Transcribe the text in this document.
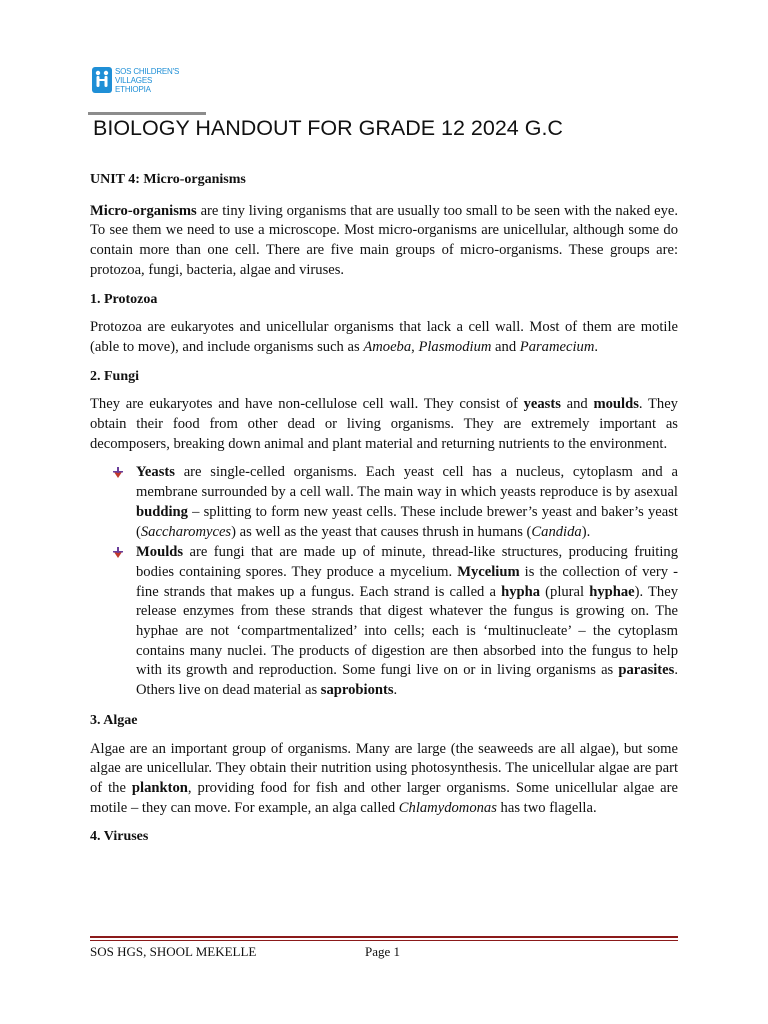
SOS CHILDREN'S
VILLAGES
ETHIOPIA
BIOLOGY HANDOUT FOR GRADE 12 2024 G.C

UNIT 4: Micro-organisms

Micro-organisms are tiny living organisms that are usually too small to be seen with the naked eye. To see them we need to use a microscope. Most micro-organisms are unicellular, although some do contain more than one cell. There are five main groups of micro-organisms. These groups are: protozoa, fungi, bacteria, algae and viruses.

1. Protozoa

Protozoa are eukaryotes and unicellular organisms that lack a cell wall. Most of them are motile (able to move), and include organisms such as Amoeba, Plasmodium and Paramecium.

2. Fungi

They are eukaryotes and have non-cellulose cell wall. They consist of yeasts and moulds. They obtain their food from other dead or living organisms. They are extremely important as decomposers, breaking down animal and plant material and returning nutrients to the environment.

Yeasts are single-celled organisms. Each yeast cell has a nucleus, cytoplasm and a membrane surrounded by a cell wall. The main way in which yeasts reproduce is by asexual budding – splitting to form new yeast cells. These include brewer’s yeast and baker’s yeast (Saccharomyces) as well as the yeast that causes thrush in humans (Candida).
Moulds are fungi that are made up of minute, thread-like structures, producing fruiting bodies containing spores. They produce a mycelium. Mycelium is the collection of very -fine strands that makes up a fungus. Each strand is called a hypha (plural hyphae). They release enzymes from these strands that digest whatever the fungus is growing on. The hyphae are not ‘compartmentalized’ into cells; each is ‘multinucleate’ – the cytoplasm contains many nuclei. The products of digestion are then absorbed into the fungus to help with its growth and reproduction. Some fungi live on or in living organisms as parasites. Others live on dead material as saprobionts.

3. Algae

Algae are an important group of organisms. Many are large (the seaweeds are all algae), but some algae are unicellular. They obtain their nutrition using photosynthesis. The unicellular algae are part of the plankton, providing food for fish and other larger organisms. Some unicellular algae are motile – they can move. For example, an alga called Chlamydomonas has two flagella.

4. Viruses

SOS HGS, SHOOL MEKELLE	Page 1
